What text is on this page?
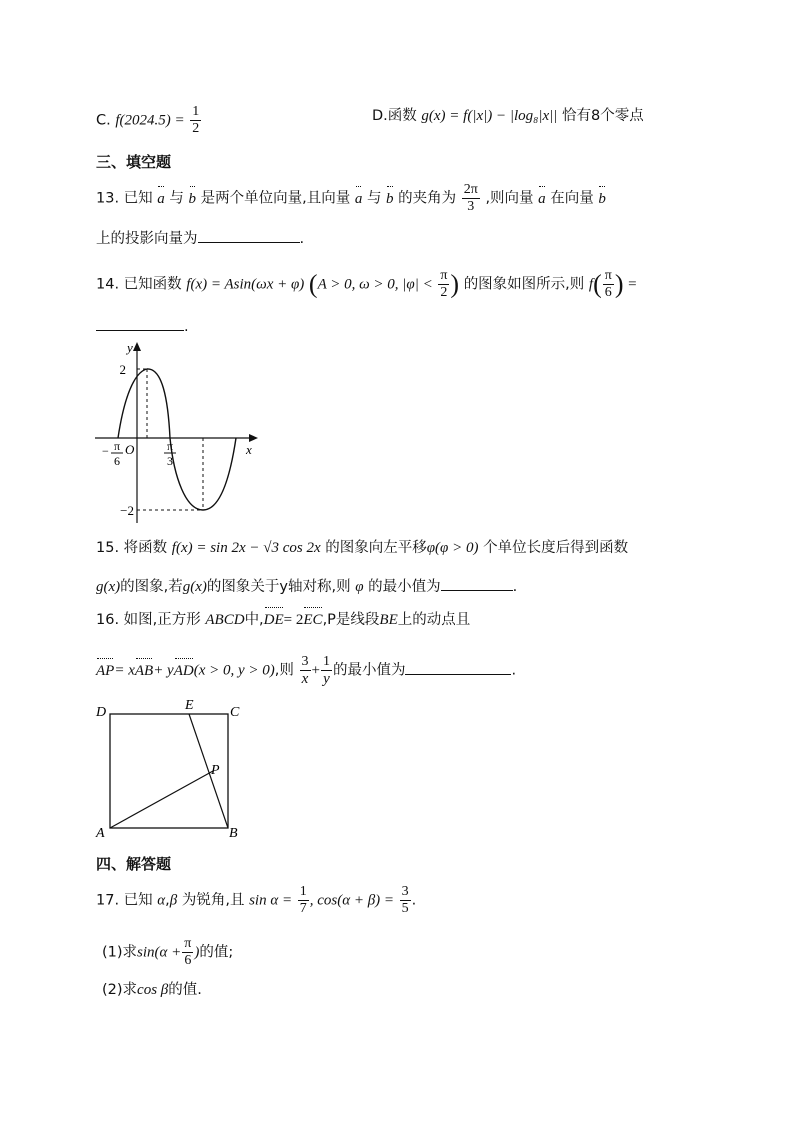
C. $f(2024.5) = \frac{1}{2}$	D.函数 g(x) = f(|x|) − |log₈|x|| 恰有8个零点
三、填空题
13. 已知 a 与 b 是两个单位向量,且向量 a 与 b 的夹角为 $\frac{2\pi}{3}$ ,则向量 a 在向量 b
上的投影向量为	.
14. 已知函数 f(x) = Asin(ωx + φ) (A > 0, ω > 0, $|\varphi| < \frac{\pi}{2}$ ) 的图象如图所示,则 $f( \frac{\pi}{6}$ ) =
.
y
x
O
2
−2
− π
6
π
3
15. 将函数 f(x) = sin 2x − √3 cos 2x 的图象向左平移φ(φ > 0) 个单位长度后得到函数
g(x)的图象,若g(x)的图象关于y轴对称,则 φ 的最小值为	.
16. 如图,正方形 ABCD中,DE= 2EC,P是线段BE上的动点且
AP= xAB+ yAD(x > 0, y > 0),则 $\frac{3}{x} + \frac{1}{y}$ 的最小值为	.
D	E	C
P
A	B
四、解答题
17. 已知 α,β 为锐角,且 $\sin \alpha = \frac{1}{7}$ , $\cos(\alpha + \beta) = \frac{3}{5}$ .
(1)求$\sin(\alpha + \frac{\pi}{6}$ )的值;
(2)求cos β的值.
